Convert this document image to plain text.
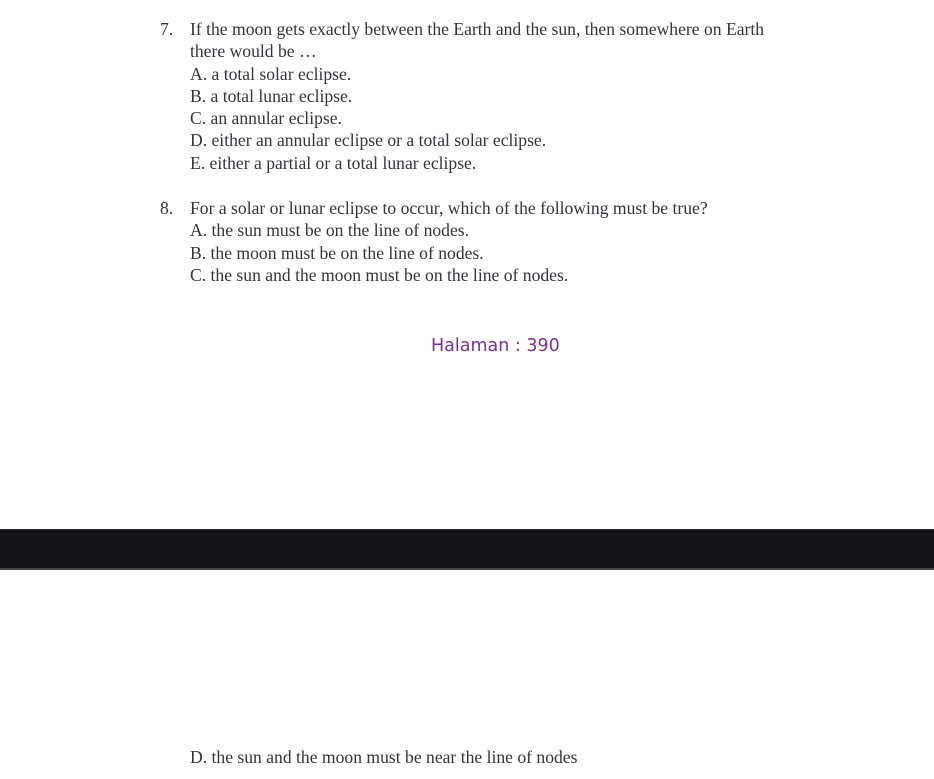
7. If the moon gets exactly between the Earth and the sun, then somewhere on Earth
there would be …
A. a total solar eclipse.
B. a total lunar eclipse.
C. an annular eclipse.
D. either an annular eclipse or a total solar eclipse.
E. either a partial or a total lunar eclipse.
8. For a solar or lunar eclipse to occur, which of the following must be true?
A. the sun must be on the line of nodes.
B. the moon must be on the line of nodes.
C. the sun and the moon must be on the line of nodes.
Halaman : 390
D. the sun and the moon must be near the line of nodes
